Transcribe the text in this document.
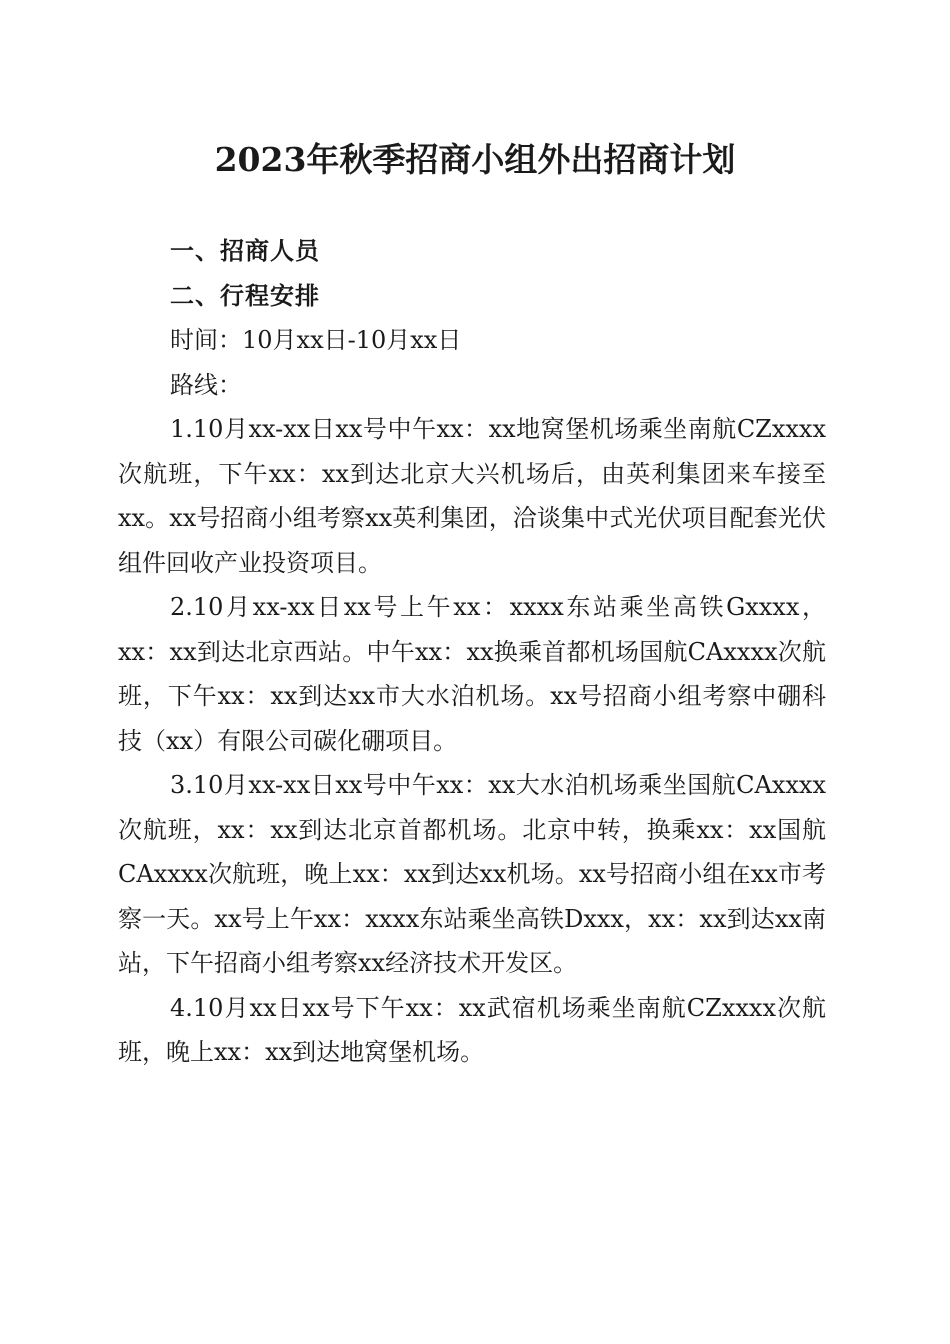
2023年秋季招商小组外出招商计划

一、招商人员

二、行程安排

时间：10月xx日-10月xx日

路线：

1.10月xx-xx日xx号中午xx：xx地窝堡机场乘坐南航CZxxxx次航班，下午xx：xx到达北京大兴机场后，由英利集团来车接至xx。xx号招商小组考察xx英利集团，洽谈集中式光伏项目配套光伏组件回收产业投资项目。

2.10月xx-xx日xx号上午xx：xxxx东站乘坐高铁Gxxxx，xx：xx到达北京西站。中午xx：xx换乘首都机场国航CAxxxx次航班，下午xx：xx到达xx市大水泊机场。xx号招商小组考察中硼科技（xx）有限公司碳化硼项目。

3.10月xx-xx日xx号中午xx：xx大水泊机场乘坐国航CAxxxx次航班，xx：xx到达北京首都机场。北京中转，换乘xx：xx国航CAxxxx次航班，晚上xx：xx到达xx机场。xx号招商小组在xx市考察一天。xx号上午xx：xxxx东站乘坐高铁Dxxx，xx：xx到达xx南站，下午招商小组考察xx经济技术开发区。

4.10月xx日xx号下午xx：xx武宿机场乘坐南航CZxxxx次航班，晚上xx：xx到达地窝堡机场。
